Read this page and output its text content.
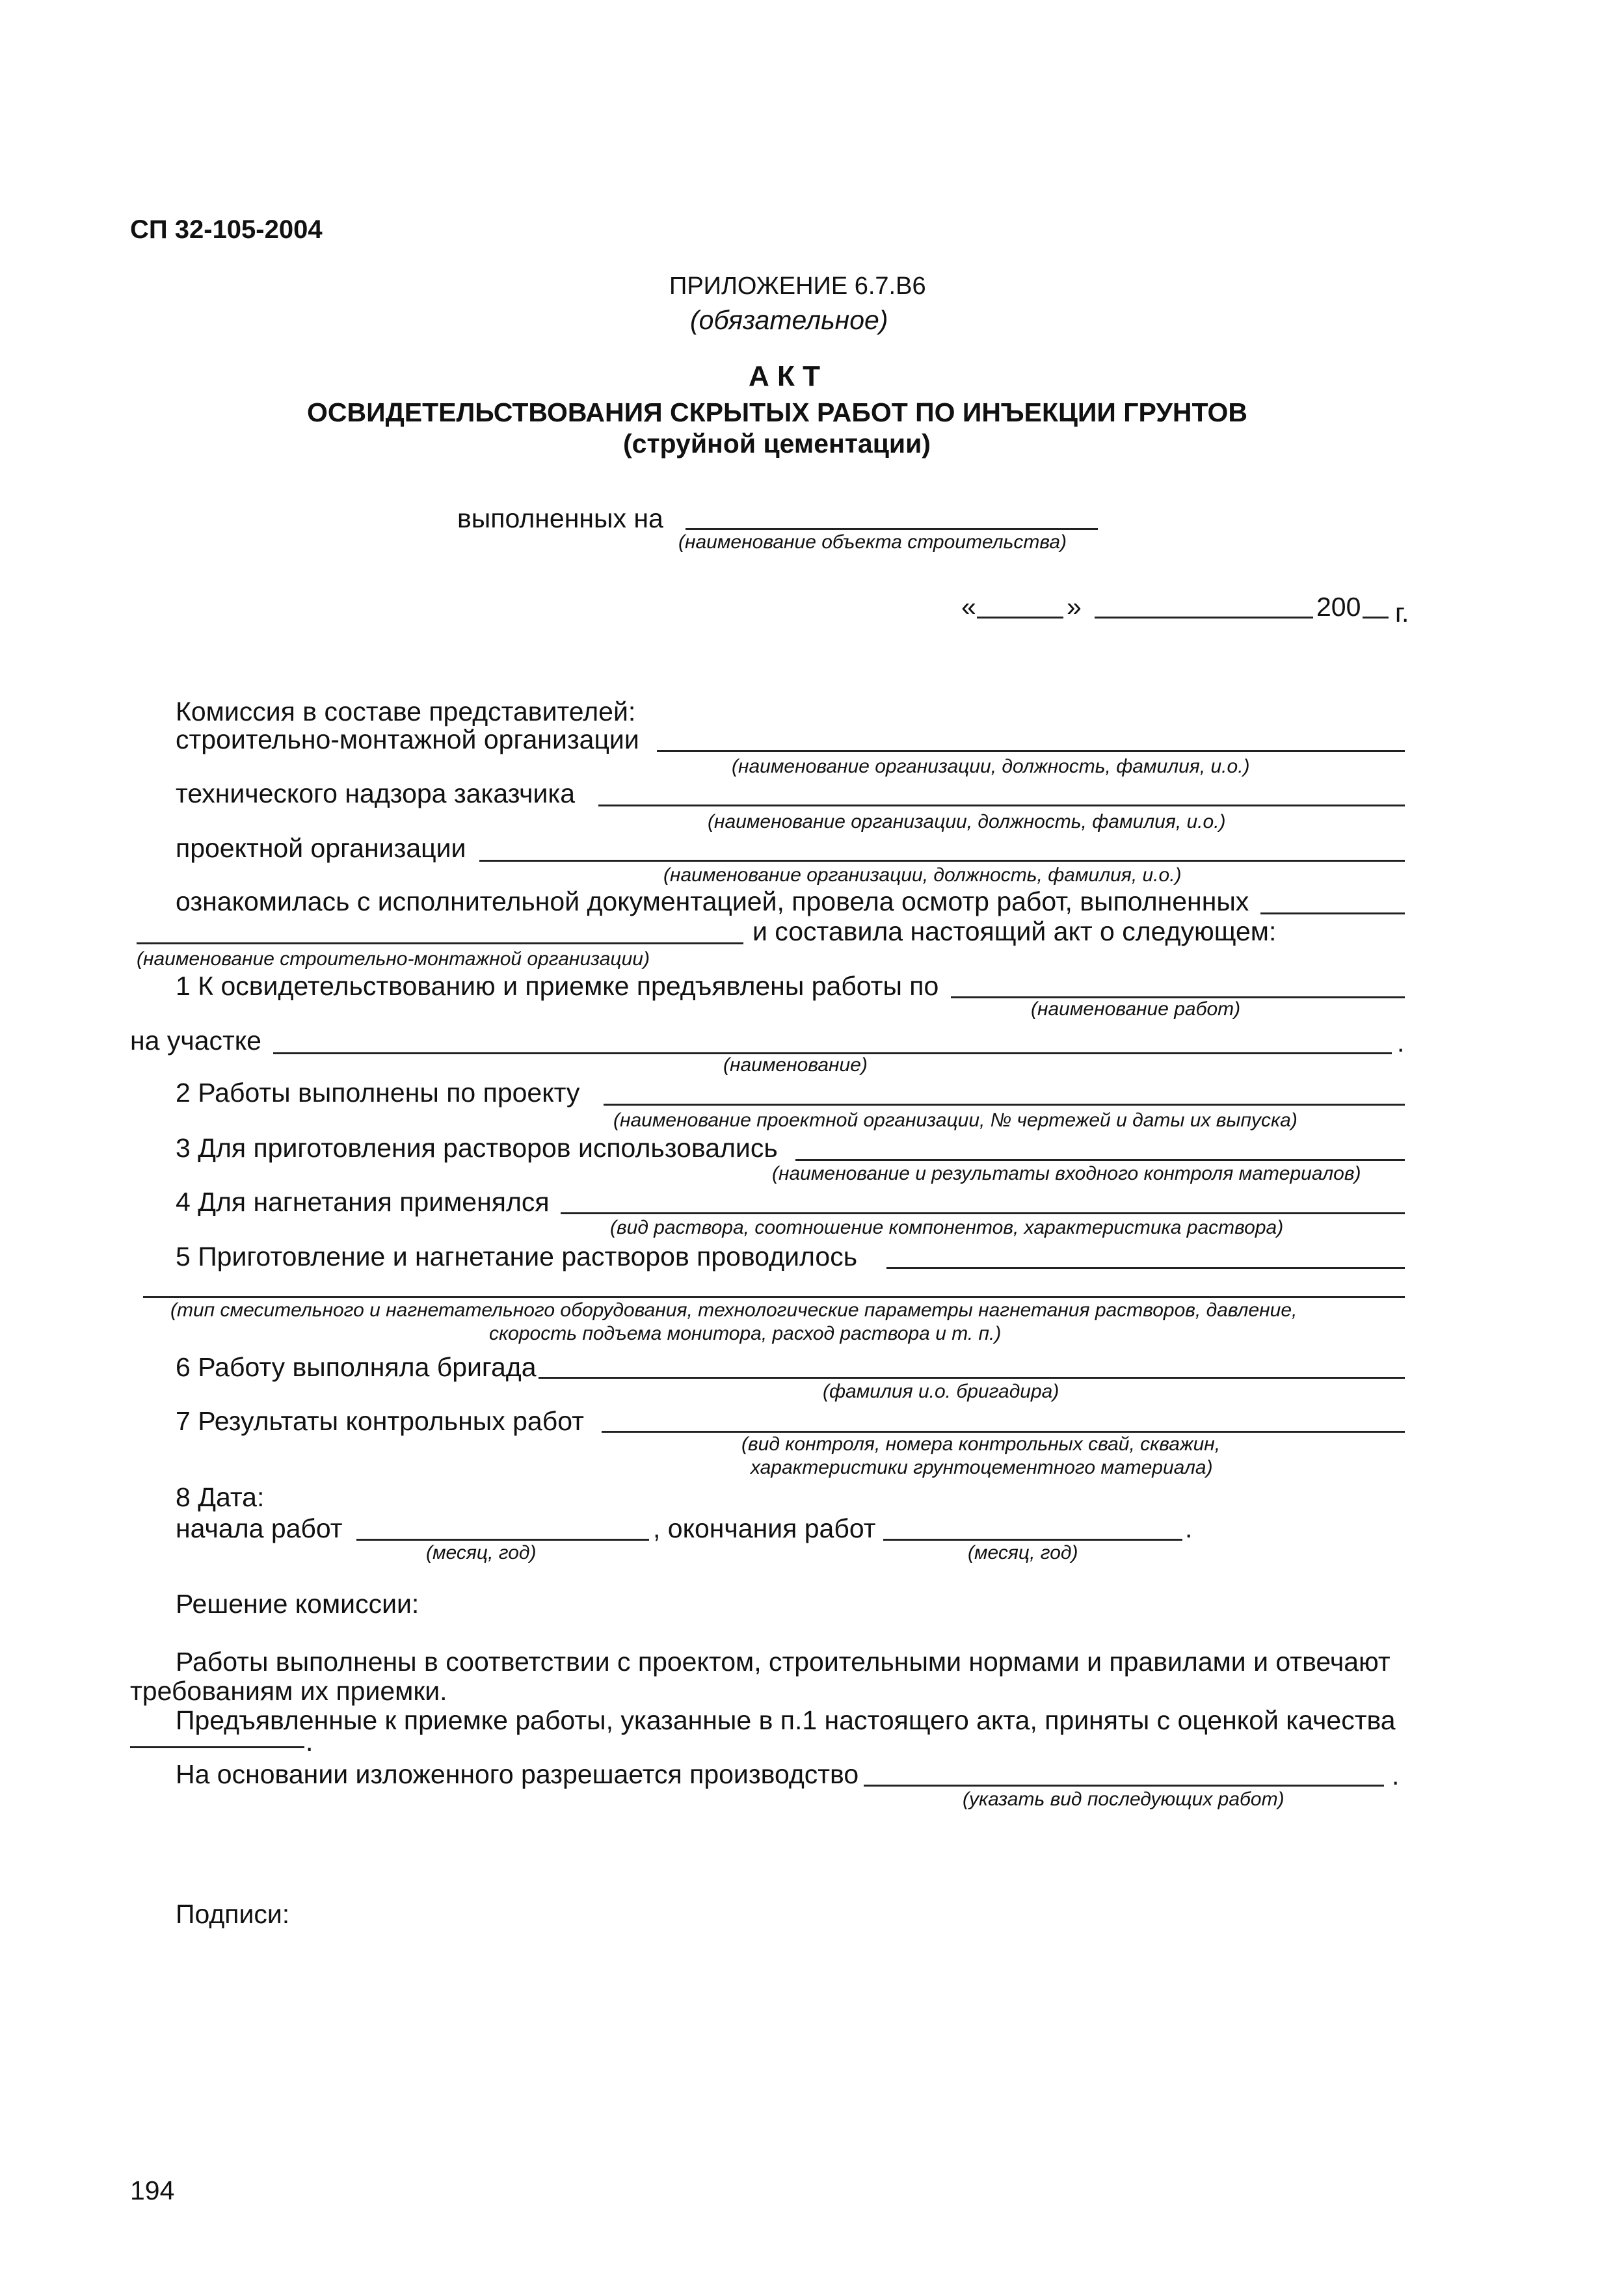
СП 32-105-2004
ПРИЛОЖЕНИЕ 6.7.В6
(обязательное)
А К Т
ОСВИДЕТЕЛЬСТВОВАНИЯ СКРЫТЫХ РАБОТ ПО ИНЪЕКЦИИ ГРУНТОВ
(струйной цементации)
выполненных на
(наименование объекта строительства)
«	»	200 г.
Комиссия в составе представителей:
строительно-монтажной организации
(наименование организации, должность, фамилия, и.о.)
технического надзора заказчика
(наименование организации, должность, фамилия, и.о.)
проектной организации
(наименование организации, должность, фамилия, и.о.)
ознакомилась с исполнительной документацией, провела осмотр работ, выполненных
и составила настоящий акт о следующем:
(наименование строительно-монтажной организации)
1 К освидетельствованию и приемке предъявлены работы по
(наименование работ)
на участке	.
(наименование)
2 Работы выполнены по проекту
(наименование проектной организации, № чертежей и даты их выпуска)
3 Для приготовления растворов использовались
(наименование и результаты входного контроля материалов)
4 Для нагнетания применялся
(вид раствора, соотношение компонентов, характеристика раствора)
5 Приготовление и нагнетание растворов проводилось
(тип смесительного и нагнетательного оборудования, технологические параметры нагнетания растворов, давление,
скорость подъема монитора, расход раствора и т. п.)
6 Работу выполняла бригада
(фамилия и.о. бригадира)
7 Результаты контрольных работ
(вид контроля, номера контрольных свай, скважин,
характеристики грунтоцементного материала)
8 Дата:
начала работ	, окончания работ	.
(месяц, год)	(месяц, год)
Решение комиссии:
Работы выполнены в соответствии с проектом, строительными нормами и правилами и отвечают
требованиям их приемки.
Предъявленные к приемке работы, указанные в п.1 настоящего акта, приняты с оценкой качества
.
На основании изложенного разрешается производство	.
(указать вид последующих работ)
Подписи:
194
